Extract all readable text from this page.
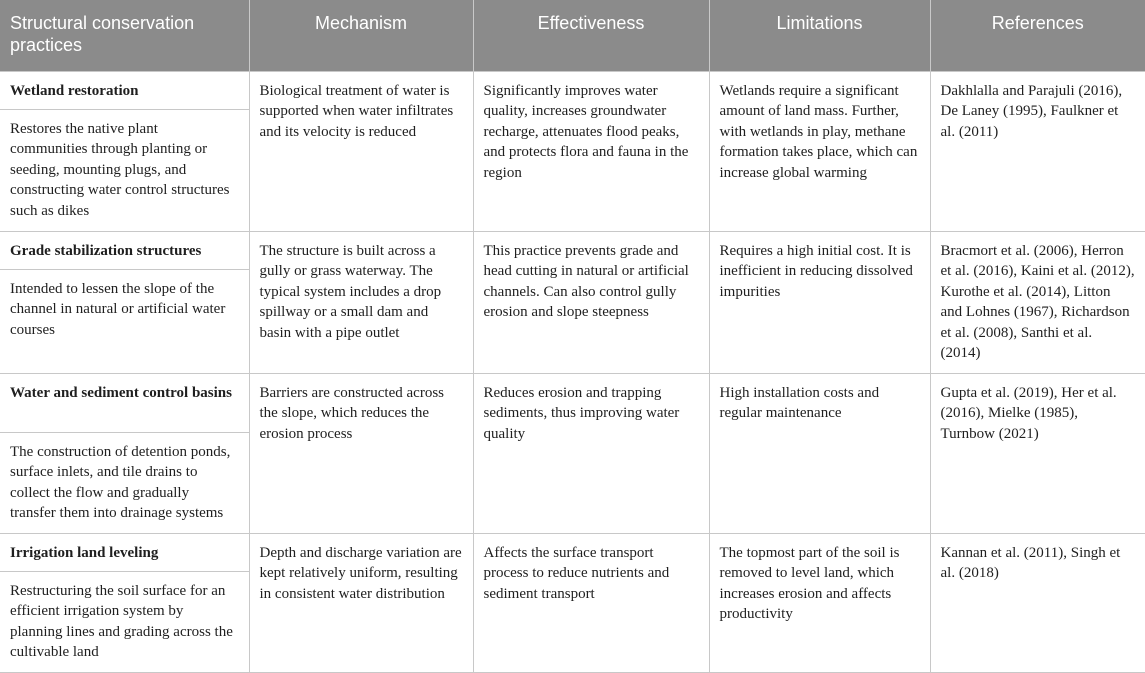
Structural conservation practices	Mechanism	Effectiveness	Limitations	References
Wetland restoration	Biological treatment of water is supported when water infiltrates and its velocity is reduced	Significantly improves water quality, increases groundwater recharge, attenuates flood peaks, and protects flora and fauna in the region	Wetlands require a significant amount of land mass. Further, with wetlands in play, methane formation takes place, which can increase global warming	Dakhlalla and Parajuli (2016), De Laney (1995), Faulkner et al. (2011)
Restores the native plant communities through planting or seeding, mounting plugs, and constructing water control structures such as dikes				
Grade stabilization structures	The structure is built across a gully or grass waterway. The typical system includes a drop spillway or a small dam and basin with a pipe outlet	This practice prevents grade and head cutting in natural or artificial channels. Can also control gully erosion and slope steepness	Requires a high initial cost. It is inefficient in reducing dissolved impurities	Bracmort et al. (2006), Herron et al. (2016), Kaini et al. (2012), Kurothe et al. (2014), Litton and Lohnes (1967), Richardson et al. (2008), Santhi et al. (2014)
Intended to lessen the slope of the channel in natural or artificial water courses				
Water and sediment control basins	Barriers are constructed across the slope, which reduces the erosion process	Reduces erosion and trapping sediments, thus improving water quality	High installation costs and regular maintenance	Gupta et al. (2019), Her et al. (2016), Mielke (1985), Turnbow (2021)
The construction of detention ponds, surface inlets, and tile drains to collect the flow and gradually transfer them into drainage systems				
Irrigation land leveling	Depth and discharge variation are kept relatively uniform, resulting in consistent water distribution	Affects the surface transport process to reduce nutrients and sediment transport	The topmost part of the soil is removed to level land, which increases erosion and affects productivity	Kannan et al. (2011), Singh et al. (2018)
Restructuring the soil surface for an efficient irrigation system by planning lines and grading across the cultivable land				
